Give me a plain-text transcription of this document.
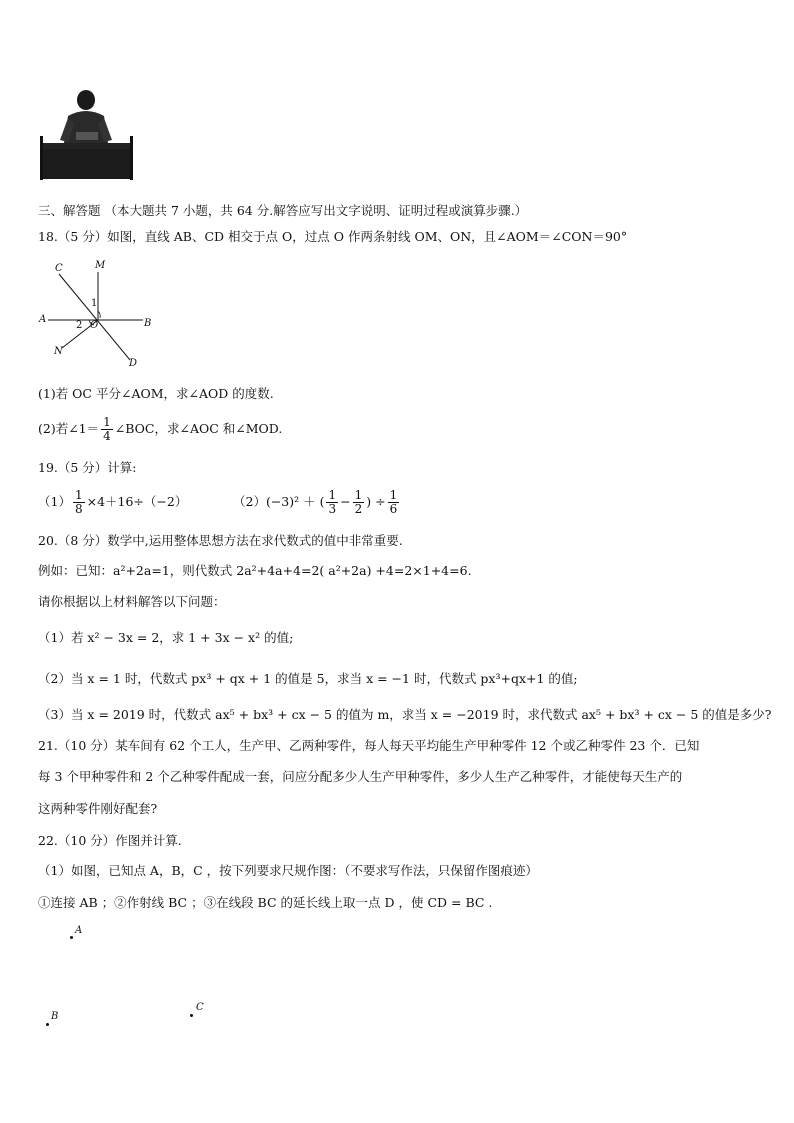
三、解答题 （本大题共 7 小题，共 64 分.解答应写出文字说明、证明过程或演算步骤.）
18.（5 分）如图，直线 AB、CD 相交于点 O，过点 O 作两条射线 OM、ON，且∠AOM＝∠CON＝90°
C	M
A	B
O
N
D
1
2
(1)若 OC 平分∠AOM，求∠AOD 的度数.
(2)若∠1＝ $\frac{1}{4}$ ∠BOC，求∠AOC 和∠MOD.
19.（5 分）计算:
$(1) \frac{1}{8} \times 4+16\div(-2)$	（2）(−3)² ＋ ( $\frac{1}{3} - \frac{1}{2}$ ) ÷ $\frac{1}{6}$
20.（8 分）数学中,运用整体思想方法在求代数式的值中非常重要.
例如：已知：a²+2a=1，则代数式 2a²+4a+4=2( a²+2a) +4=2×1+4=6.
请你根据以上材料解答以下问题：
（1）若 x² − 3x = 2，求 1 + 3x − x² 的值;
（2）当 x = 1 时，代数式 px³ + qx + 1 的值是 5，求当 x = −1 时，代数式 px³+qx+1 的值;
（3）当 x = 2019 时，代数式 ax⁵ + bx³ + cx − 5 的值为 m，求当 x = −2019 时，求代数式 ax⁵ + bx³ + cx − 5 的值是多少?
21.（10 分）某车间有 62 个工人，生产甲、乙两种零件，每人每天平均能生产甲种零件 12 个或乙种零件 23 个．已知
每 3 个甲种零件和 2 个乙种零件配成一套，问应分配多少人生产甲种零件，多少人生产乙种零件，才能使每天生产的
这两种零件刚好配套?
22.（10 分）作图并计算.
（1）如图，已知点 A，B，C ，按下列要求尺规作图：（不要求写作法，只保留作图痕迹）
①连接 AB ；②作射线 BC ；③在线段 BC 的延长线上取一点 D ，使 CD = BC .
A
B
C
